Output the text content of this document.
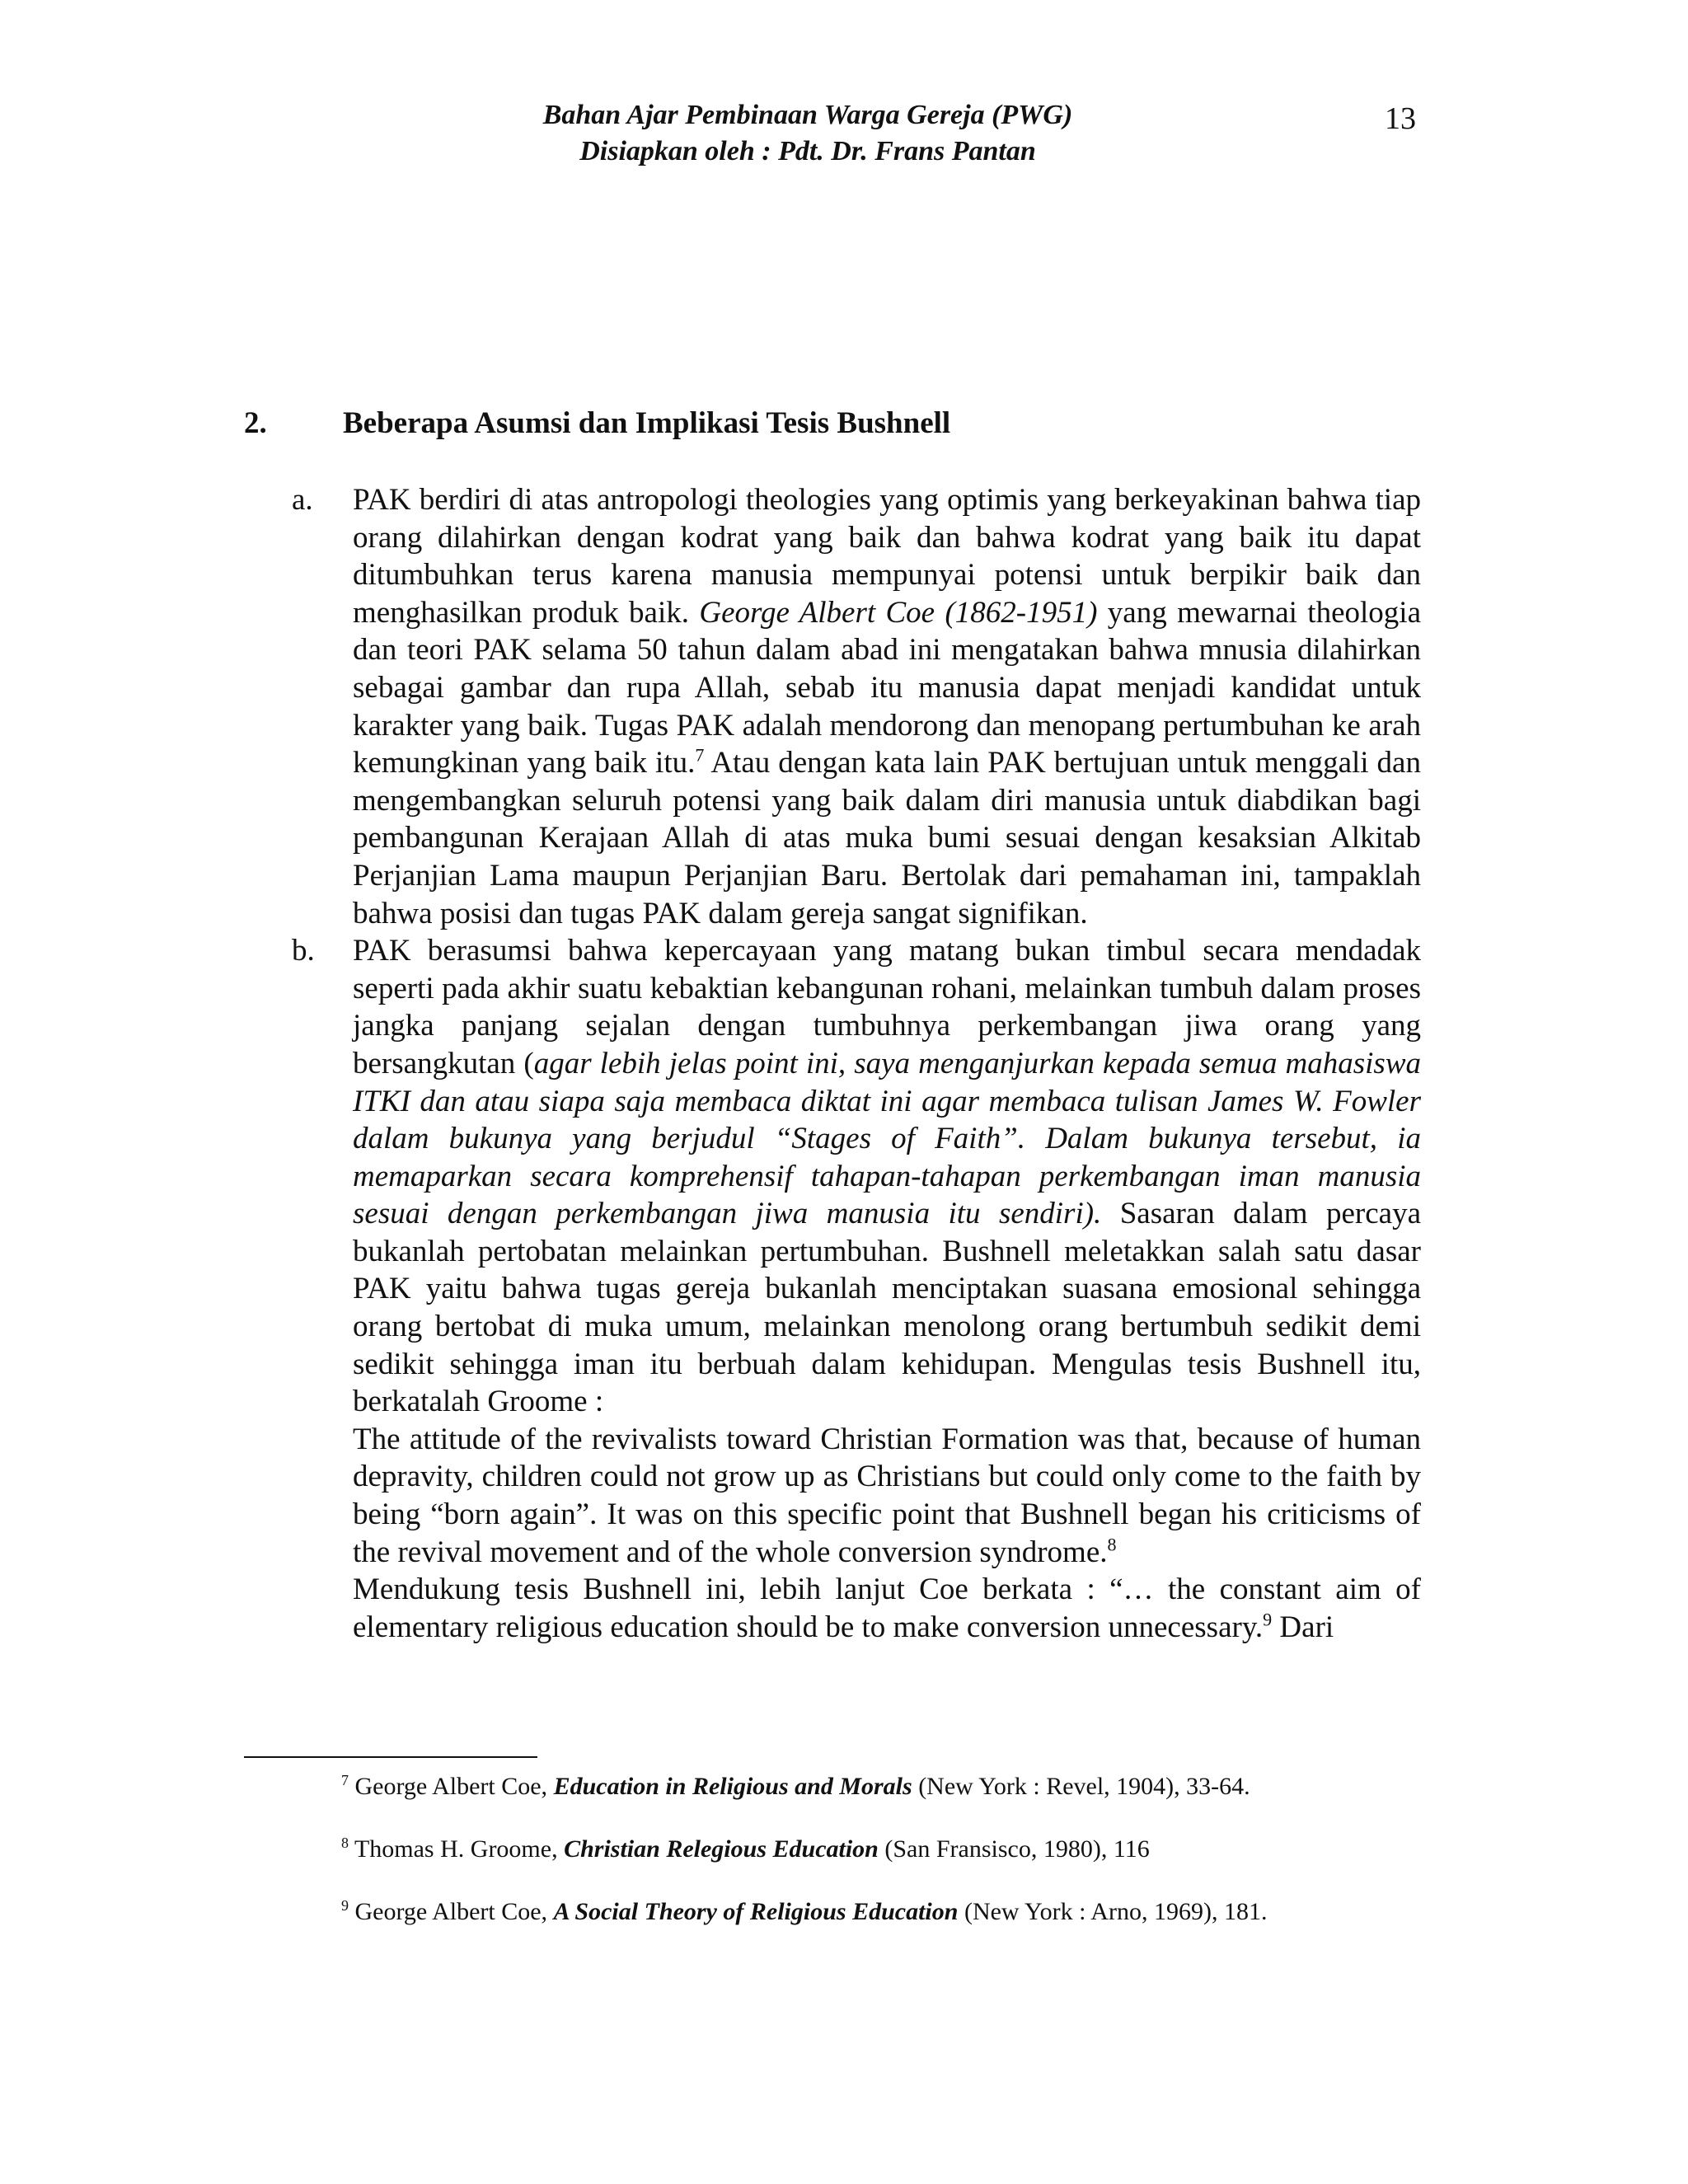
Bahan Ajar Pembinaan Warga Gereja (PWG)
Disiapkan oleh : Pdt. Dr. Frans Pantan
13
2. Beberapa Asumsi dan Implikasi Tesis Bushnell
a. PAK berdiri di atas antropologi theologies yang optimis yang berkeyakinan bahwa tiap orang dilahirkan dengan kodrat yang baik dan bahwa kodrat yang baik itu dapat ditumbuhkan terus karena manusia mempunyai potensi untuk berpikir baik dan menghasilkan produk baik. George Albert Coe (1862-1951) yang mewarnai theologia dan teori PAK selama 50 tahun dalam abad ini mengatakan bahwa mnusia dilahirkan sebagai gambar dan rupa Allah, sebab itu manusia dapat menjadi kandidat untuk karakter yang baik. Tugas PAK adalah mendorong dan menopang pertumbuhan ke arah kemungkinan yang baik itu.$^7$ Atau dengan kata lain PAK bertujuan untuk menggali dan mengembangkan seluruh potensi yang baik dalam diri manusia untuk diabdikan bagi pembangunan Kerajaan Allah di atas muka bumi sesuai dengan kesaksian Alkitab Perjanjian Lama maupun Perjanjian Baru. Bertolak dari pemahaman ini, tampaklah bahwa posisi dan tugas PAK dalam gereja sangat signifikan.

b. PAK berasumsi bahwa kepercayaan yang matang bukan timbul secara mendadak seperti pada akhir suatu kebaktian kebangunan rohani, melainkan tumbuh dalam proses jangka panjang sejalan dengan tumbuhnya perkembangan jiwa orang yang bersangkutan (agar lebih jelas point ini, saya menganjurkan kepada semua mahasiswa ITKI dan atau siapa saja membaca diktat ini agar membaca tulisan James W. Fowler dalam bukunya yang berjudul “Stages of Faith”. Dalam bukunya tersebut, ia memaparkan secara komprehensif tahapan-tahapan perkembangan iman manusia sesuai dengan perkembangan jiwa manusia itu sendiri). Sasaran dalam percaya bukanlah pertobatan melainkan pertumbuhan. Bushnell meletakkan salah satu dasar PAK yaitu bahwa tugas gereja bukanlah menciptakan suasana emosional sehingga orang bertobat di muka umum, melainkan menolong orang bertumbuh sedikit demi sedikit sehingga iman itu berbuah dalam kehidupan. Mengulas tesis Bushnell itu, berkatalah Groome :

The attitude of the revivalists toward Christian Formation was that, because of human depravity, children could not grow up as Christians but could only come to the faith by being “born again”. It was on this specific point that Bushnell began his criticisms of the revival movement and of the whole conversion syndrome.$^8$

Mendukung tesis Bushnell ini, lebih lanjut Coe berkata : “… the constant aim of elementary religious education should be to make conversion unnecessary.$^9$ Dari

$^7$ George Albert Coe, Education in Religious and Morals (New York : Revel, 1904), 33-64.

$^8$ Thomas H. Groome, Christian Relegious Education (San Fransisco, 1980), 116

$^9$ George Albert Coe, A Social Theory of Religious Education (New York : Arno, 1969), 181.
